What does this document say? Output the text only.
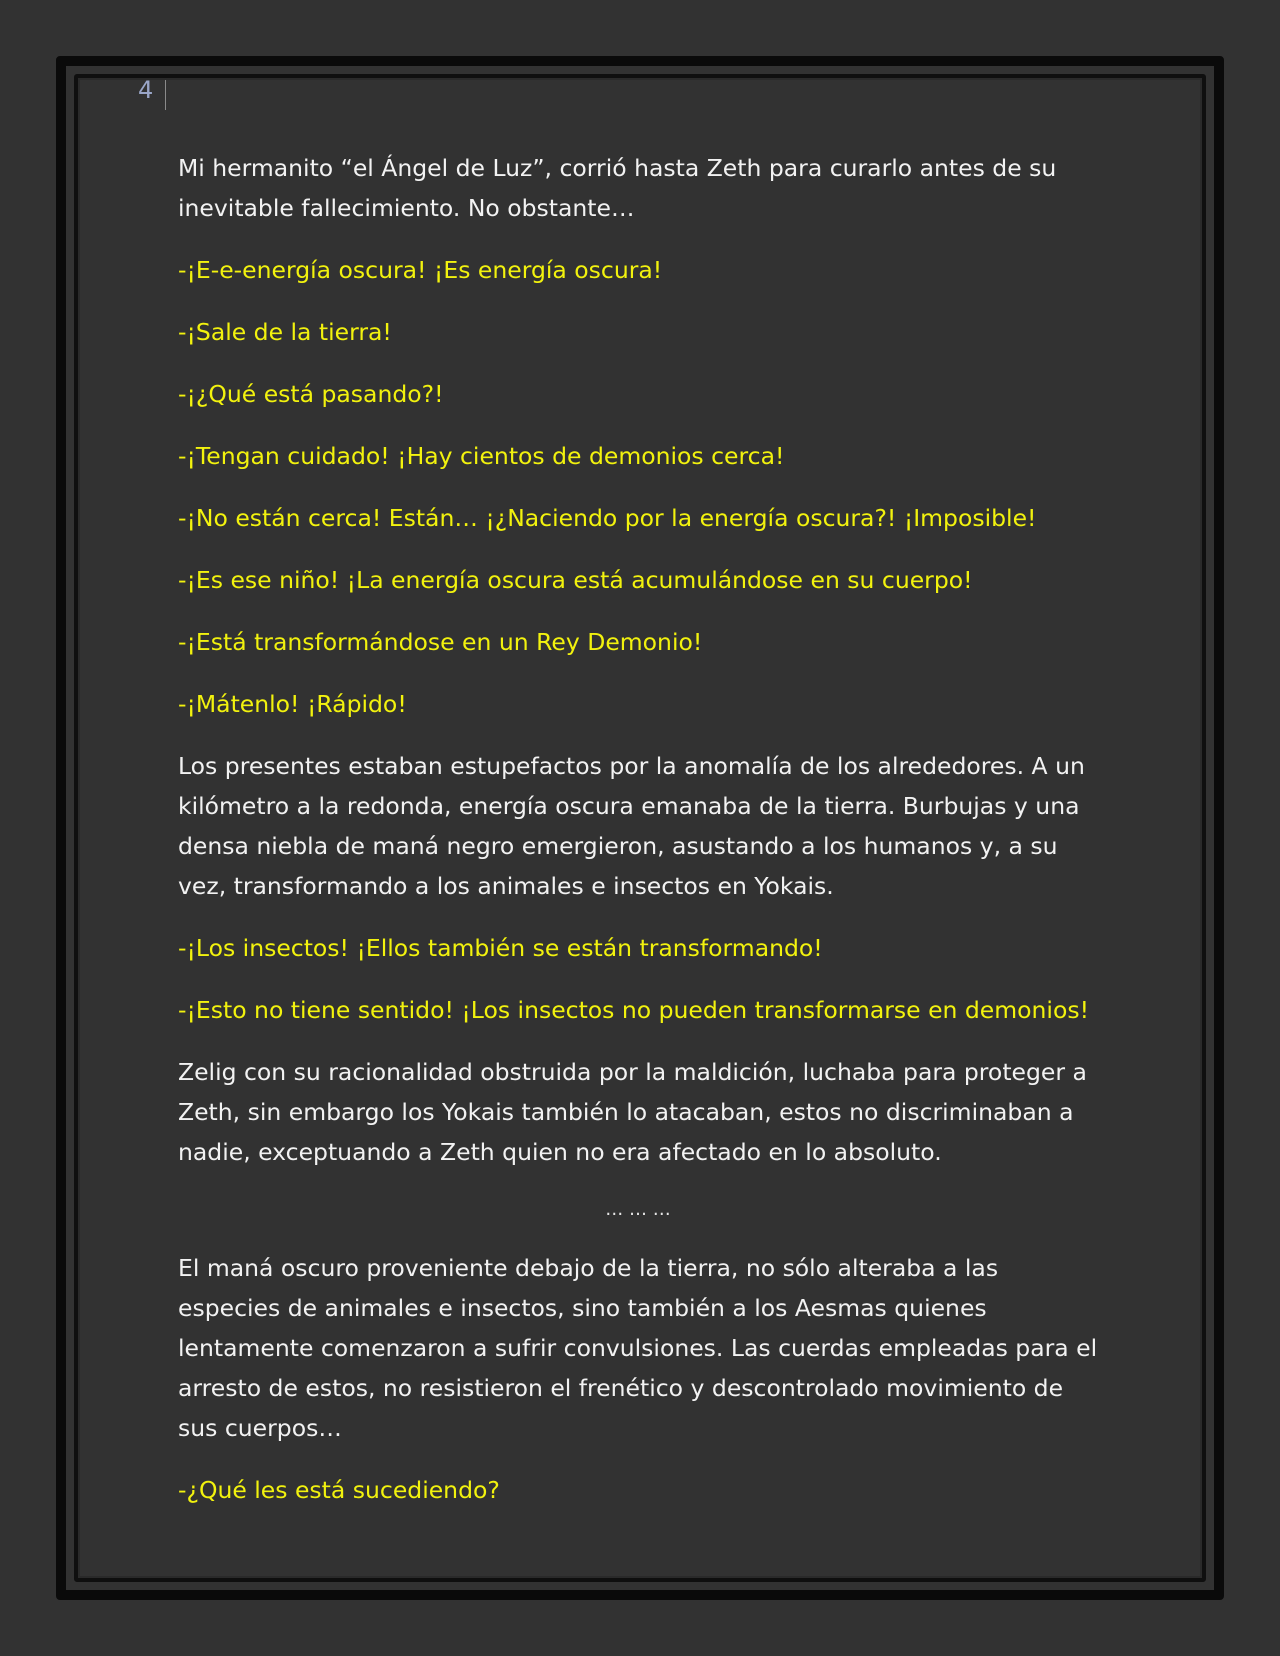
4

Mi hermanito “el Ángel de Luz”, corrió hasta Zeth para curarlo antes de su inevitable fallecimiento. No obstante…

-¡E-e-energía oscura! ¡Es energía oscura!

-¡Sale de la tierra!

-¡¿Qué está pasando?!

-¡Tengan cuidado! ¡Hay cientos de demonios cerca!

-¡No están cerca! Están… ¡¿Naciendo por la energía oscura?! ¡Imposible!

-¡Es ese niño! ¡La energía oscura está acumulándose en su cuerpo!

-¡Está transformándose en un Rey Demonio!

-¡Mátenlo! ¡Rápido!

Los presentes estaban estupefactos por la anomalía de los alrededores. A un kilómetro a la redonda, energía oscura emanaba de la tierra. Burbujas y una densa niebla de maná negro emergieron, asustando a los humanos y, a su vez, transformando a los animales e insectos en Yokais.

-¡Los insectos! ¡Ellos también se están transformando!

-¡Esto no tiene sentido! ¡Los insectos no pueden transformarse en demonios!

Zelig con su racionalidad obstruida por la maldición, luchaba para proteger a Zeth, sin embargo los Yokais también lo atacaban, estos no discriminaban a nadie, exceptuando a Zeth quien no era afectado en lo absoluto.

… … …

El maná oscuro proveniente debajo de la tierra, no sólo alteraba a las especies de animales e insectos, sino también a los Aesmas quienes lentamente comenzaron a sufrir convulsiones. Las cuerdas empleadas para el arresto de estos, no resistieron el frenético y descontrolado movimiento de sus cuerpos…

-¿Qué les está sucediendo?
